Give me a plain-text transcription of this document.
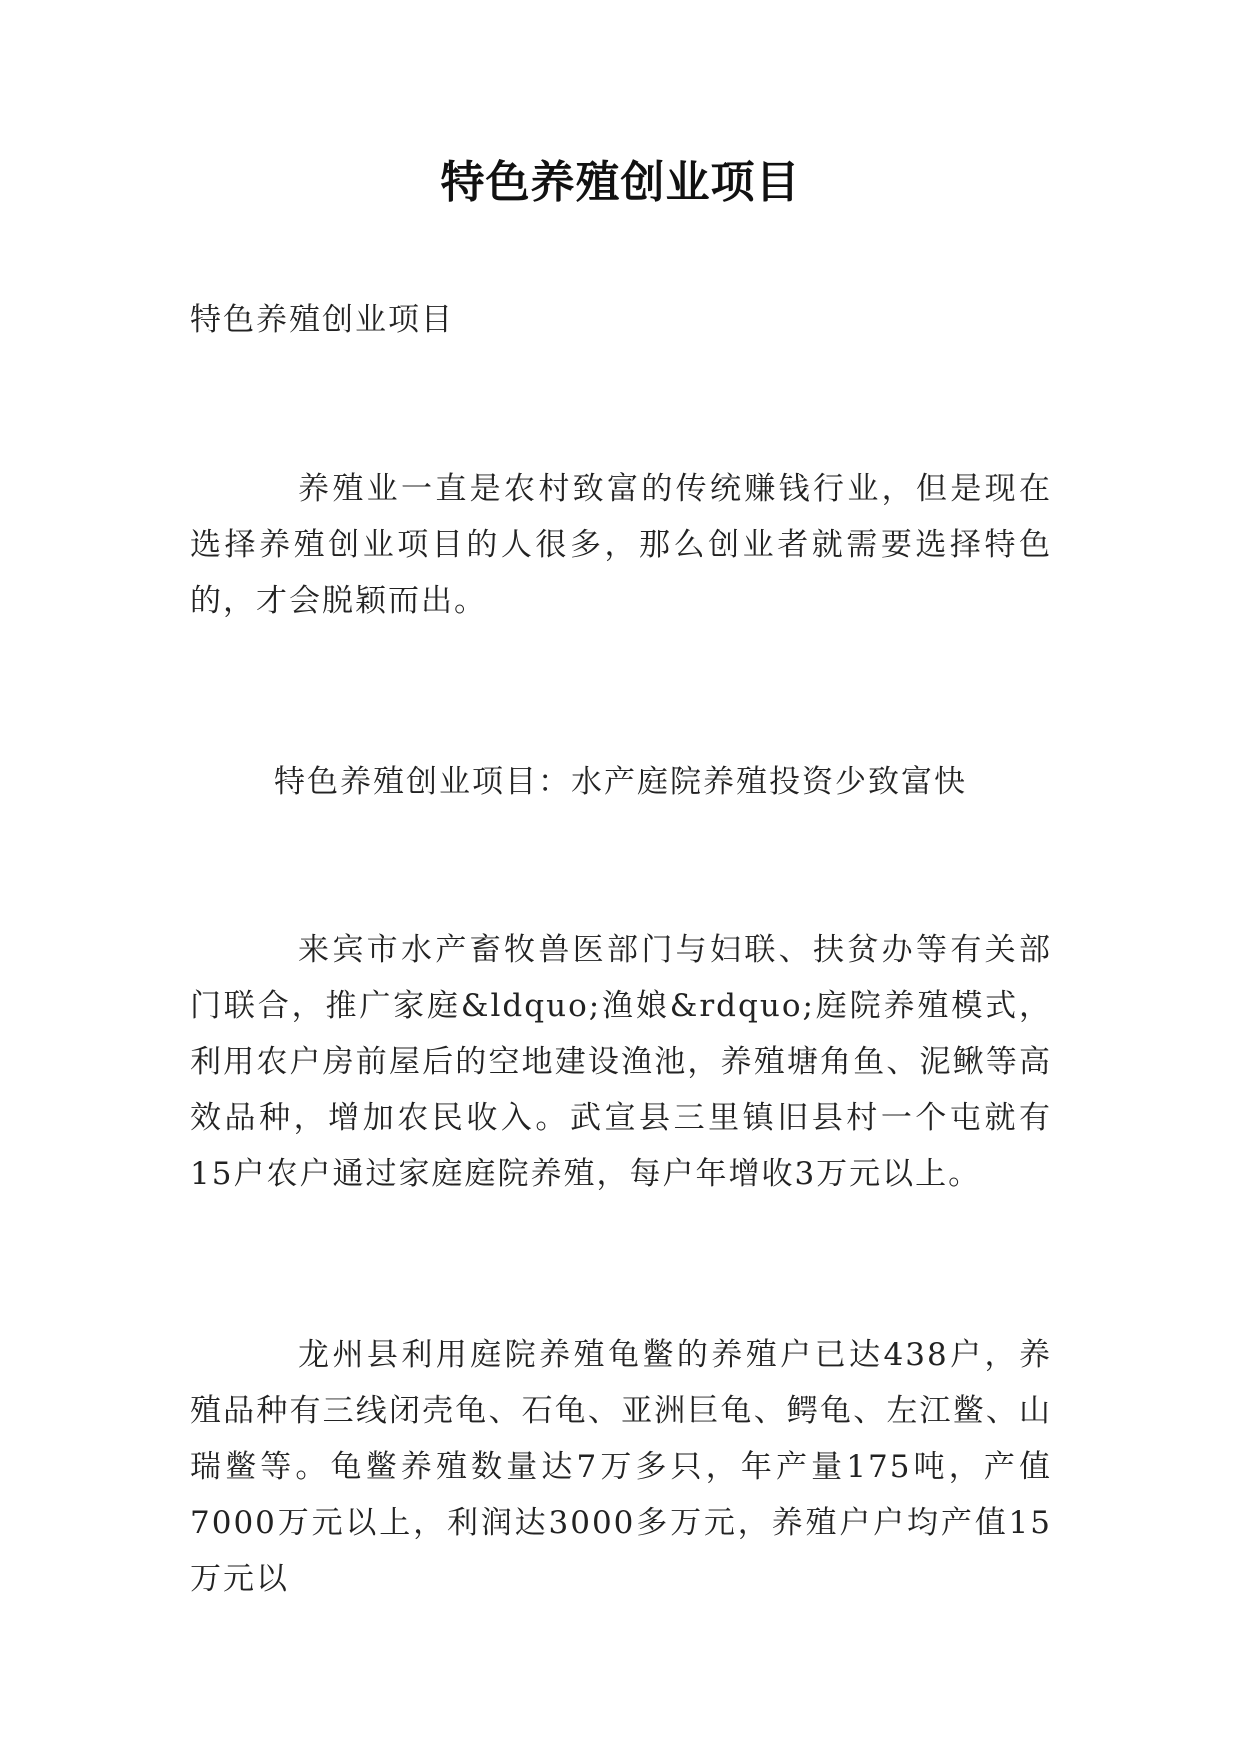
特色养殖创业项目
特色养殖创业项目
养殖业一直是农村致富的传统赚钱行业，但是现在选择养殖创业项目的人很多，那么创业者就需要选择特色的，才会脱颖而出。
特色养殖创业项目：水产庭院养殖投资少致富快
来宾市水产畜牧兽医部门与妇联、扶贫办等有关部门联合，推广家庭&ldquo;渔娘&rdquo;庭院养殖模式，利用农户房前屋后的空地建设渔池，养殖塘角鱼、泥鳅等高效品种，增加农民收入。武宣县三里镇旧县村一个屯就有15户农户通过家庭庭院养殖，每户年增收3万元以上。
龙州县利用庭院养殖龟鳖的养殖户已达438户，养殖品种有三线闭壳龟、石龟、亚洲巨龟、鳄龟、左江鳖、山瑞鳖等。龟鳖养殖数量达7万多只，年产量175吨，产值7000万元以上，利润达3000多万元，养殖户户均产值15万元以
